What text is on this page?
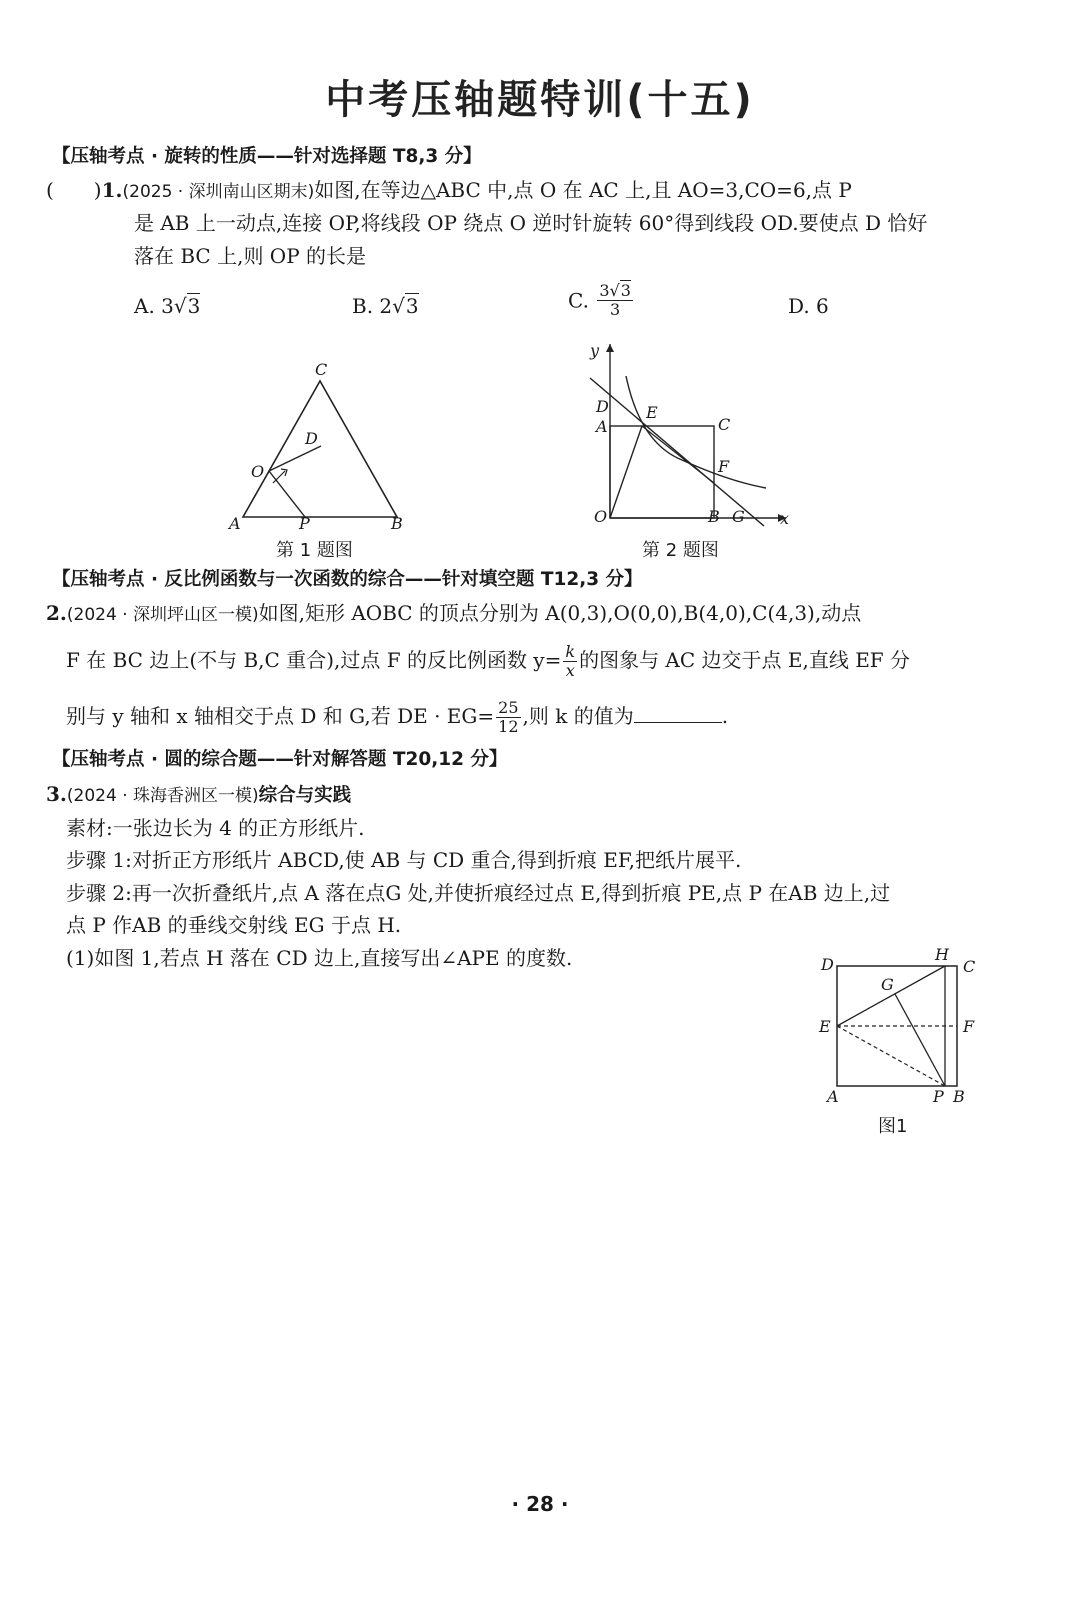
中考压轴题特训(十五)
【压轴考点 · 旋转的性质——针对选择题 T8,3 分】
(　　)1.(2025 · 深圳南山区期末)如图,在等边△ABC 中,点 O 在 AC 上,且 AO=3,CO=6,点 P
是 AB 上一动点,连接 OP,将线段 OP 绕点 O 逆时针旋转 60°得到线段 OD.要使点 D 恰好
落在 BC 上,则 OP 的长是
A. 3√3	B. 2√3	C. $\frac{3√3}{3}$	D. 6
A	B
C
O
P
D
第 1 题图
y
x
O
A
D E
C
F
B G
第 2 题图
【压轴考点 · 反比例函数与一次函数的综合——针对填空题 T12,3 分】
2.(2024 · 深圳坪山区一模)如图,矩形 AOBC 的顶点分别为 A(0,3),O(0,0),B(4,0),C(4,3),动点
F 在 BC 边上(不与 B,C 重合),过点 F 的反比例函数 $y= \frac{k}{x}$ 的图象与 AC 边交于点 E,直线 EF 分
别与 y 轴和 x 轴相交于点 D 和 G,若 DE · $EG= \frac{25}{12}$ ,则 k 的值为	.
【压轴考点 · 圆的综合题——针对解答题 T20,12 分】
3.(2024 · 珠海香洲区一模)综合与实践
素材:一张边长为 4 的正方形纸片.
步骤 1:对折正方形纸片 ABCD,使 AB 与 CD 重合,得到折痕 EF,把纸片展平.
步骤 2:再一次折叠纸片,点 A 落在点G 处,并使折痕经过点 E,得到折痕 PE,点 P 在AB 边上,过
点 P 作AB 的垂线交射线 EG 于点 H.
(1)如图 1,若点 H 落在 CD 边上,直接写出∠APE 的度数.	D
H
C
G
E	F
A	P B
图1
· 28 ·
